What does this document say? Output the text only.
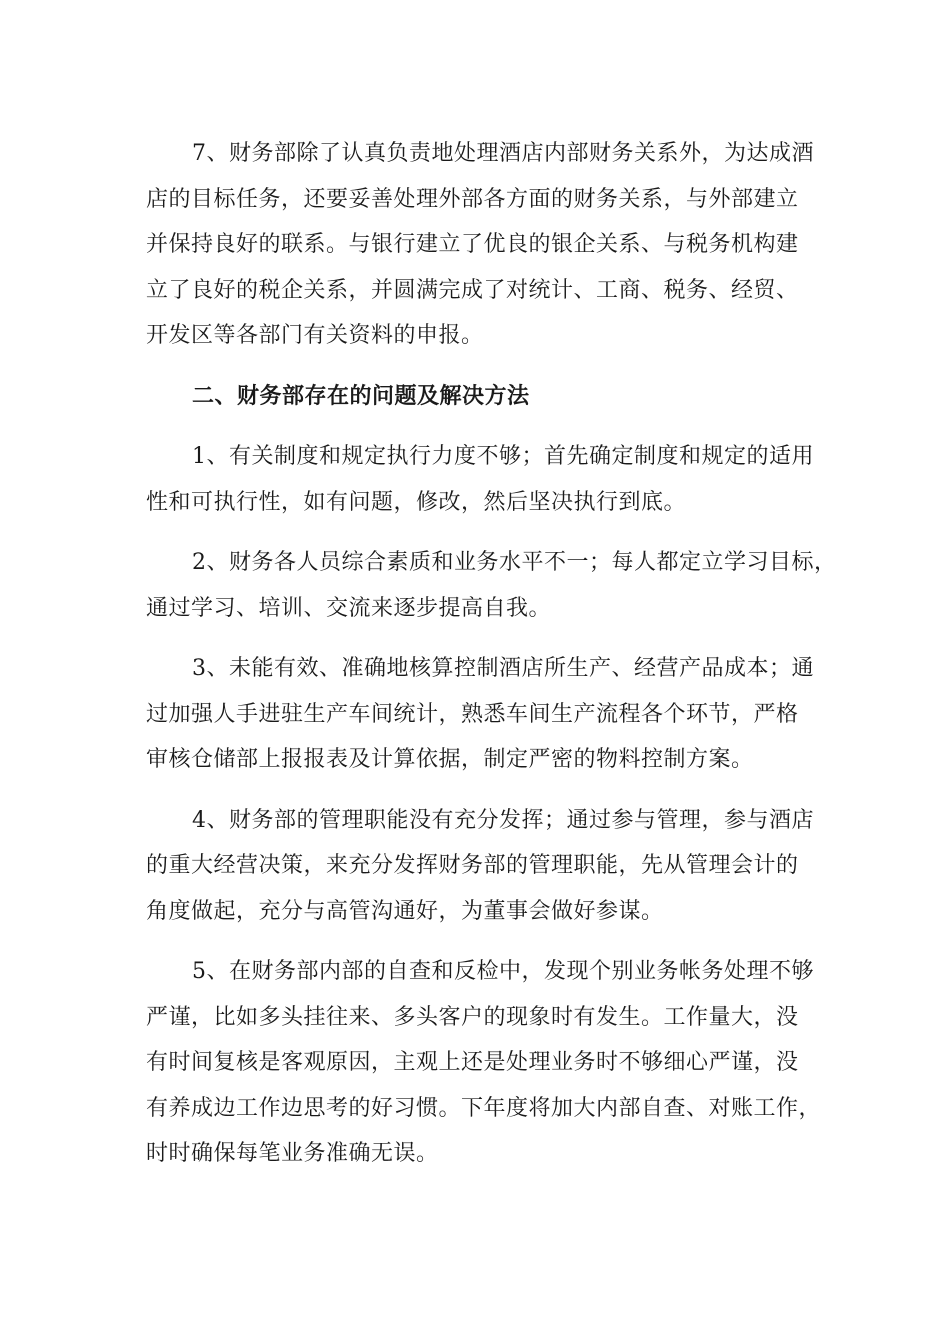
7、财务部除了认真负责地处理酒店内部财务关系外，为达成酒
店的目标任务，还要妥善处理外部各方面的财务关系，与外部建立
并保持良好的联系。与银行建立了优良的银企关系、与税务机构建
立了良好的税企关系，并圆满完成了对统计、工商、税务、经贸、
开发区等各部门有关资料的申报。

二、财务部存在的问题及解决方法

1、有关制度和规定执行力度不够；首先确定制度和规定的适用
性和可执行性，如有问题，修改，然后坚决执行到底。

2、财务各人员综合素质和业务水平不一；每人都定立学习目标，
通过学习、培训、交流来逐步提高自我。

3、未能有效、准确地核算控制酒店所生产、经营产品成本；通
过加强人手进驻生产车间统计，熟悉车间生产流程各个环节，严格
审核仓储部上报报表及计算依据，制定严密的物料控制方案。

4、财务部的管理职能没有充分发挥；通过参与管理，参与酒店
的重大经营决策，来充分发挥财务部的管理职能，先从管理会计的
角度做起，充分与高管沟通好，为董事会做好参谋。

5、在财务部内部的自查和反检中，发现个别业务帐务处理不够
严谨，比如多头挂往来、多头客户的现象时有发生。工作量大，没
有时间复核是客观原因，主观上还是处理业务时不够细心严谨，没
有养成边工作边思考的好习惯。下年度将加大内部自查、对账工作，
时时确保每笔业务准确无误。
